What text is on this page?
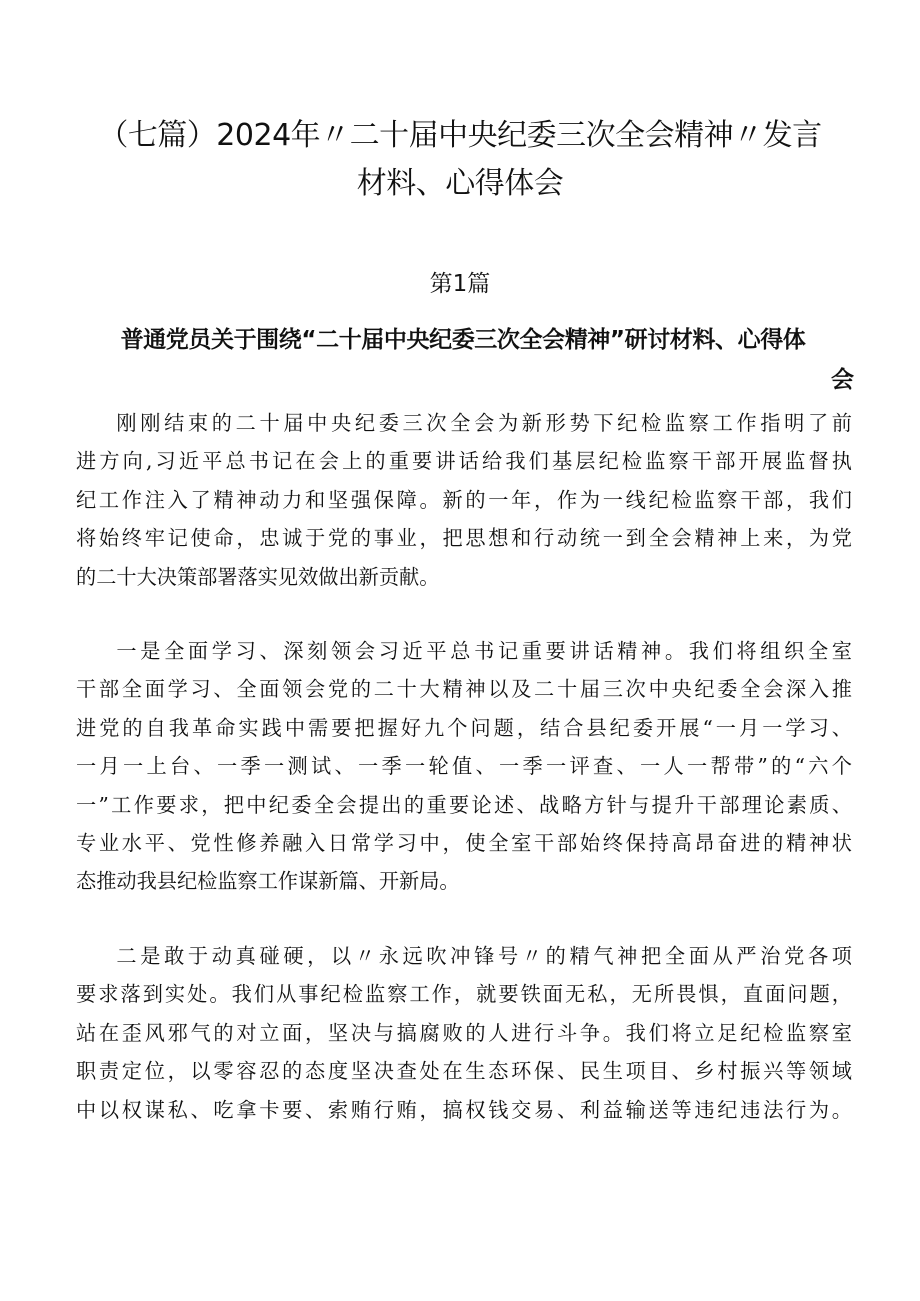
（七篇）2024年〃二十届中央纪委三次全会精神〃发言
材料、心得体会
第1篇
普通党员关于围绕“二十届中央纪委三次全会精神”研讨材料、心得体
会
刚刚结束的二十届中央纪委三次全会为新形势下纪检监察工作指明了前
进方向,习近平总书记在会上的重要讲话给我们基层纪检监察干部开展监督执
纪工作注入了精神动力和坚强保障。新的一年，作为一线纪检监察干部，我们
将始终牢记使命，忠诚于党的事业，把思想和行动统一到全会精神上来，为党
的二十大决策部署落实见效做出新贡献。
一是全面学习、深刻领会习近平总书记重要讲话精神。我们将组织全室
干部全面学习、全面领会党的二十大精神以及二十届三次中央纪委全会深入推
进党的自我革命实践中需要把握好九个问题，结合县纪委开展“一月一学习、
一月一上台、一季一测试、一季一轮值、一季一评查、一人一帮带”的“六个
一”工作要求，把中纪委全会提出的重要论述、战略方针与提升干部理论素质、
专业水平、党性修养融入日常学习中，使全室干部始终保持高昂奋进的精神状
态推动我县纪检监察工作谋新篇、开新局。
二是敢于动真碰硬，以〃永远吹冲锋号〃的精气神把全面从严治党各项
要求落到实处。我们从事纪检监察工作，就要铁面无私，无所畏惧，直面问题，
站在歪风邪气的对立面，坚决与搞腐败的人进行斗争。我们将立足纪检监察室
职责定位，以零容忍的态度坚决查处在生态环保、民生项目、乡村振兴等领域
中以权谋私、吃拿卡要、索贿行贿，搞权钱交易、利益输送等违纪违法行为。
